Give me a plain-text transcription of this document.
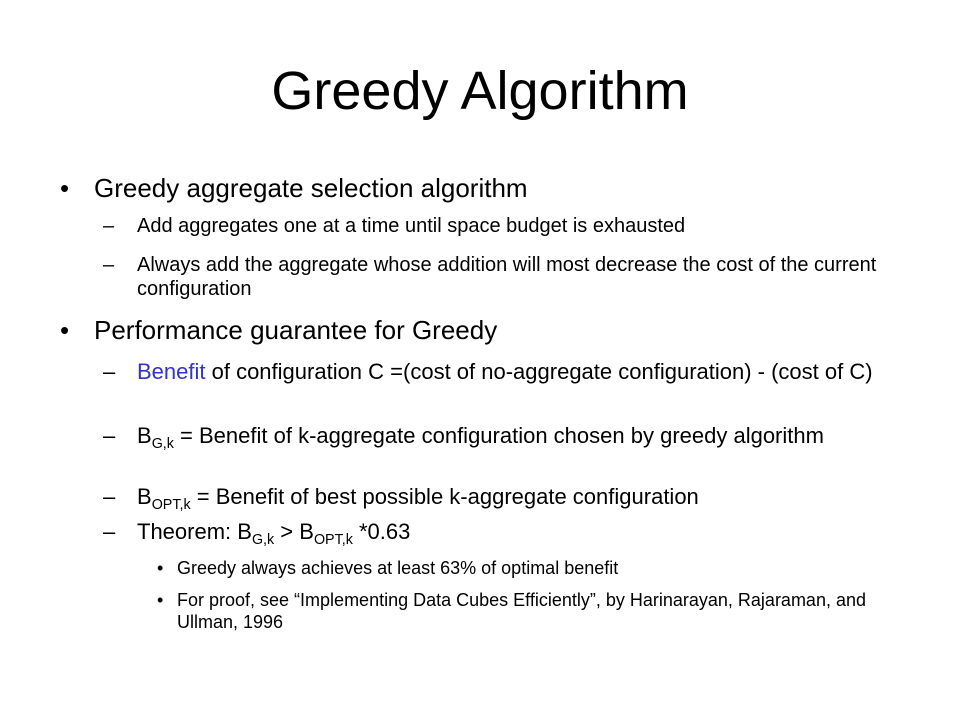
Greedy Algorithm
• Greedy aggregate selection algorithm
– Add aggregates one at a time until space budget is exhausted
– Always add the aggregate whose addition will most decrease the cost of the current configuration
• Performance guarantee for Greedy
– Benefit of configuration C =(cost of no-aggregate configuration) - (cost of C)
– $B_{G,k}$ = Benefit of k-aggregate configuration chosen by greedy algorithm
– $B_{OPT,k}$ = Benefit of best possible k-aggregate configuration
– Theorem: $B_{G,k} > B_{OPT,k}$ *0.63
• Greedy always achieves at least 63% of optimal benefit
• For proof, see “Implementing Data Cubes Efficiently”, by Harinarayan, Rajaraman, and Ullman, 1996
